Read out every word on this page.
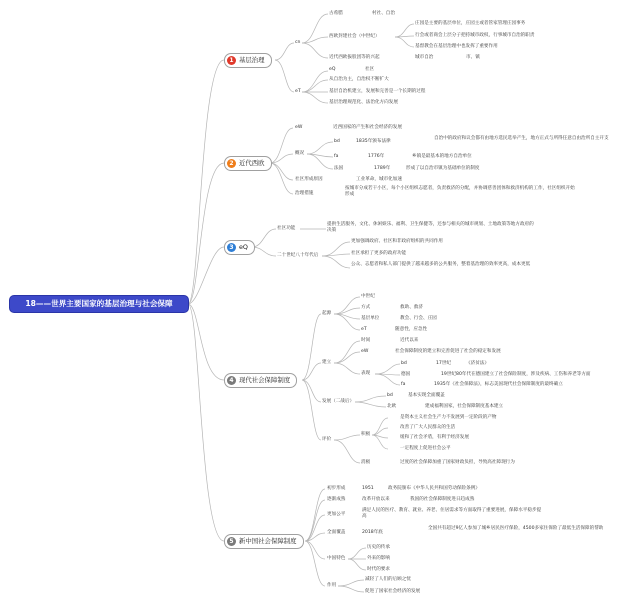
18——世界主要国家的基层治理与社会保障
1 基层治理
cn
eT
古希腊	村社、自治
西欧封建社会（中世纪）
庄园是主要的基层单位，庄园主或者管家管理庄园事务
行会或者商会上层分子把持城市政权，行事城市自治的职责
基督教会在基层治理中也发挥了重要作用
近代西欧拔股团等的兴起	城市自治	市、镇
eQ	社区
从自治为主，自治权不断扩大
基层自治机建立，发展和完善是一个长期的过程
基层治理规范化、法治化方向发展
2 近代西欧
eW	近西国家的产生和社会经济的发展
概况
bd	1835年颁布法律
自治中的政府和议会都有由地方选民选举产生，地方正式与所得任意自由治所自主开支
fa	1776年	乡镇是最基本的地方自治单位
法国	1789年	形成了以自治市镇为基础单位的制度
社区形成原因	工业革命，城市化加速
治理措施
按城市分成若干小区，每个小区组织志愿者，负责救济的分配，并协调慈善团体和救济机构的工作，社区组织开始形成
3 eQ
社区功能
提供生活服务，文化、休闲娱乐、福利、卫生保健等，还参与相关的城市规划、土地政策等地方政府的决策
二十世纪八十年代后
更加强调政府、社区和非政府组织的共同作用
社区承担了更多的政府功能
公众、志愿者和私人部门提供了越来越多的公共服务，整着基治理的效率更高，成本更低
4 现代社会保障制度
起源
中世纪
方式	救助、救济
基层单位	教会、行会、庄园
eT	随意性，应急性
建立
时间	近代以来
eW	社会保障制度的建立和完善促进了社会的稳定和发展
表现
bd	17世纪	《济贫法》
德国	19世纪80年代在德国建立了社会保险制度，涉及疾病、工伤和养老等方面
fa	1935年《社会保障法》，标志美国现代社会保障制度的最终确立
发展（二战后）
bd	基本实现全面覆盖
北欧	建成福利国家，社会保障制度基本建立
评价
积极
是资本主义社会生产力不发展到一定阶段的产物
改善了广大人民群众的生活
缓和了社会矛盾，有利于经济发展
一定程度上促进社会公平
消极	过度的社会保障加重了国家财政负担，导致高社障现行为
5 新中国社会保障制度
初步形成	1951	政务院颁布《中华人民共和国劳动保险条例》
逐渐成熟	改革开放以来	我国的社会保障制度进日趋成熟
更加公平
满足人民的医疗、教育、就业、养老、住居需求等方面取得了重要进展，保障水平稳步提高
全面覆盖	2018年底
全国共有超过9亿人参加了城乡居民医疗保险，4500多家住保险了最低生活保障的帮助
中国特色
历史的传承
外来的影响
时代的要求
作用
减轻了人们的后顾之忧
促进了国家社会经济的发展
